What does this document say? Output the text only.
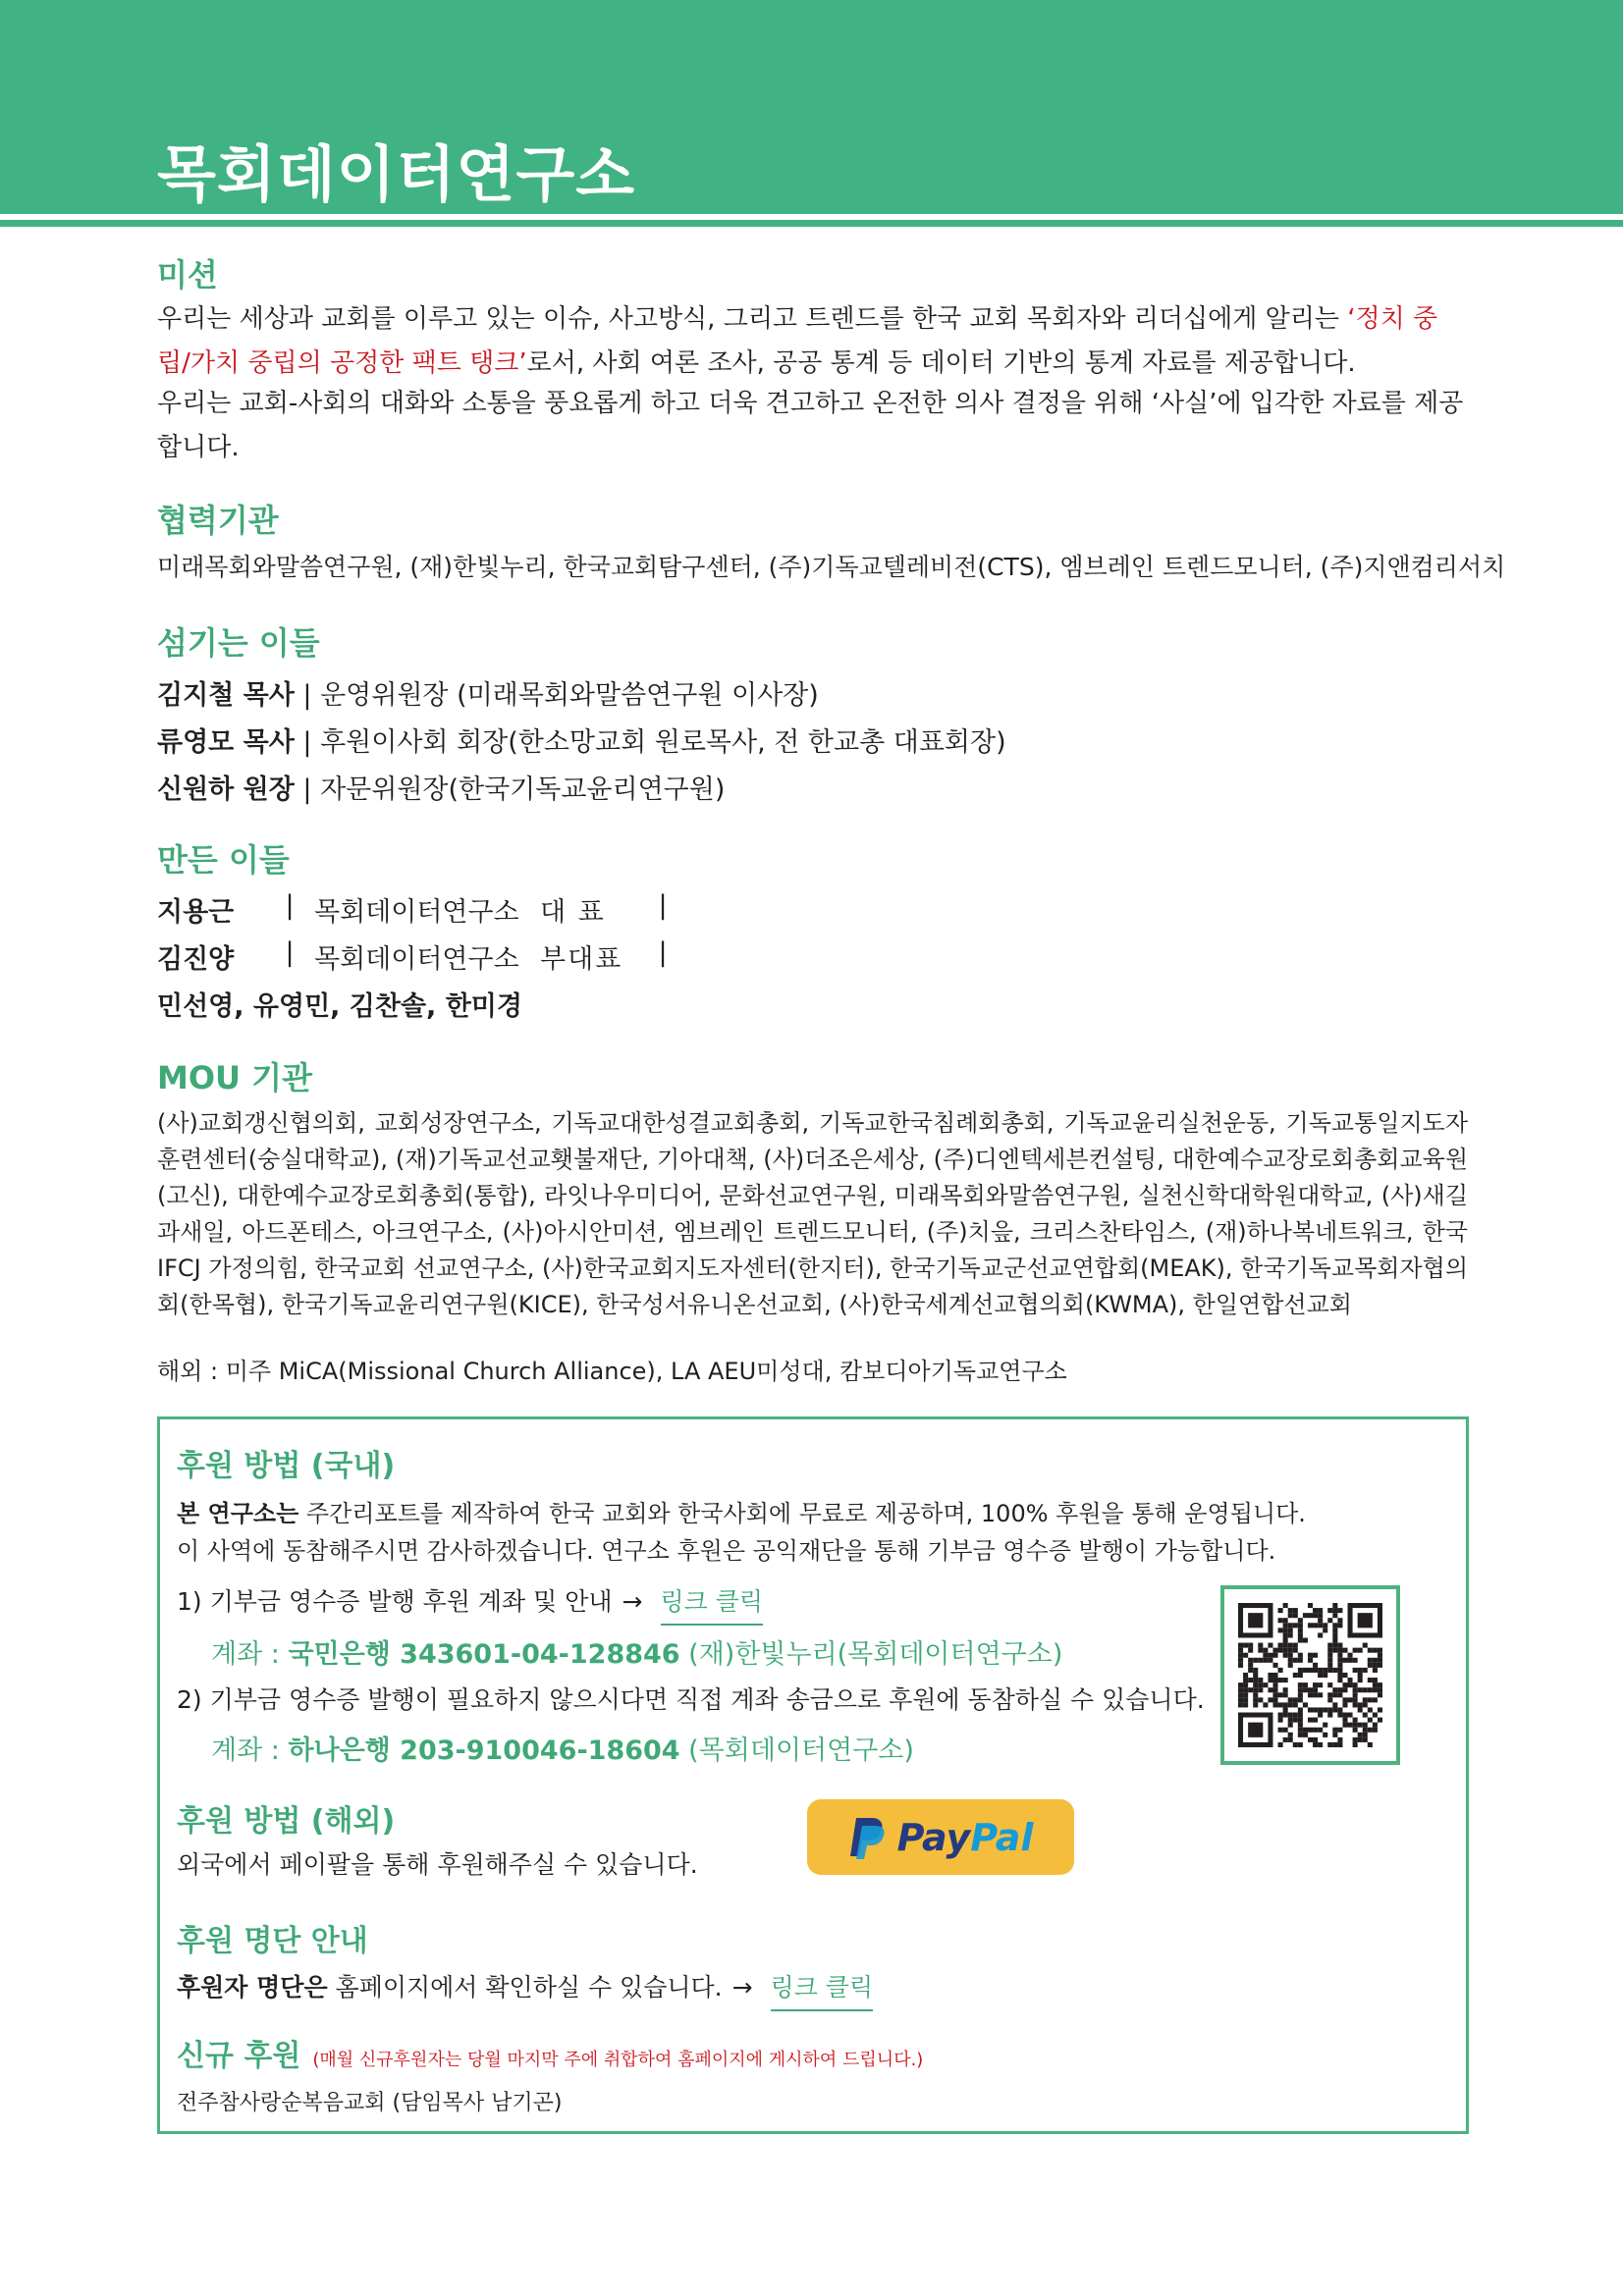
목회데이터연구소
미션
우리는 세상과 교회를 이루고 있는 이슈, 사고방식, 그리고 트렌드를 한국 교회 목회자와 리더십에게 알리는 ‘정치 중립/가치 중립의 공정한 팩트 탱크’로서, 사회 여론 조사, 공공 통계 등 데이터 기반의 통계 자료를 제공합니다.
우리는 교회-사회의 대화와 소통을 풍요롭게 하고 더욱 견고하고 온전한 의사 결정을 위해 ‘사실’에 입각한 자료를 제공합니다.
협력기관
미래목회와말씀연구원, (재)한빛누리, 한국교회탐구센터, (주)기독교텔레비전(CTS), 엠브레인 트렌드모니터, (주)지앤컴리서치
섬기는 이들
김지철 목사 | 운영위원장 (미래목회와말씀연구원 이사장)
류영모 목사 | 후원이사회 회장(한소망교회 원로목사, 전 한교총 대표회장)
신원하 원장 | 자문위원장(한국기독교윤리연구원)
만든 이들
지용근	| 목회데이터연구소 대 표	|
김진양	| 목회데이터연구소 부대표	|
민선영, 유영민, 김찬솔, 한미경
MOU 기관
(사)교회갱신협의회, 교회성장연구소, 기독교대한성결교회총회, 기독교한국침례회총회, 기독교윤리실천운동, 기독교통일지도자훈련센터(숭실대학교), (재)기독교선교횃불재단, 기아대책, (사)더조은세상, (주)디엔텍세븐컨설팅, 대한예수교장로회총회교육원(고신), 대한예수교장로회총회(통합), 라잇나우미디어, 문화선교연구원, 미래목회와말씀연구원, 실천신학대학원대학교, (사)새길과새일, 아드폰테스, 아크연구소, (사)아시안미션, 엠브레인 트렌드모니터, (주)치읖, 크리스찬타임스, (재)하나복네트워크, 한국IFCJ 가정의힘, 한국교회 선교연구소, (사)한국교회지도자센터(한지터), 한국기독교군선교연합회(MEAK), 한국기독교목회자협의회(한목협), 한국기독교윤리연구원(KICE), 한국성서유니온선교회, (사)한국세계선교협의회(KWMA), 한일연합선교회
해외 : 미주 MiCA(Missional Church Alliance), LA AEU미성대, 캄보디아기독교연구소
후원 방법 (국내)
본 연구소는 주간리포트를 제작하여 한국 교회와 한국사회에 무료로 제공하며, 100% 후원을 통해 운영됩니다.
이 사역에 동참해주시면 감사하겠습니다. 연구소 후원은 공익재단을 통해 기부금 영수증 발행이 가능합니다.
1) 기부금 영수증 발행 후원 계좌 및 안내 → 링크 클릭
계좌 : 국민은행 343601-04-128846 (재)한빛누리(목회데이터연구소)
2) 기부금 영수증 발행이 필요하지 않으시다면 직접 계좌 송금으로 후원에 동참하실 수 있습니다.
계좌 : 하나은행 203-910046-18604 (목회데이터연구소)
후원 방법 (해외)
외국에서 페이팔을 통해 후원해주실 수 있습니다.
PayPal
후원 명단 안내
후원자 명단은 홈페이지에서 확인하실 수 있습니다. → 링크 클릭
신규 후원 (매월 신규후원자는 당월 마지막 주에 취합하여 홈페이지에 게시하여 드립니다.)
전주참사랑순복음교회 (담임목사 남기곤)
